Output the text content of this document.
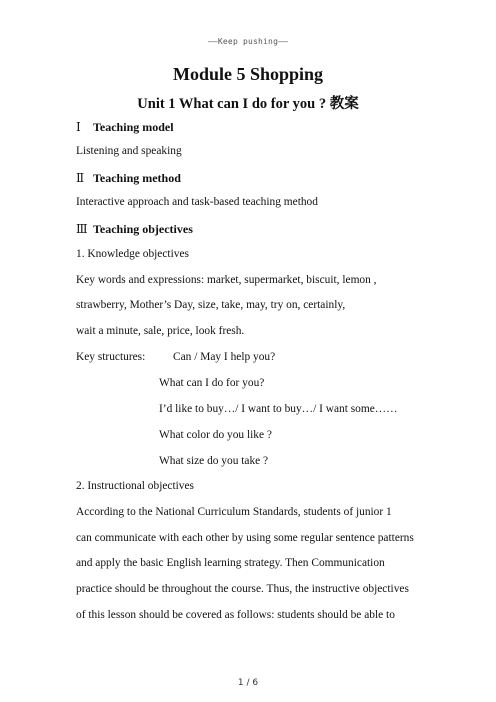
——Keep pushing——
Module 5 Shopping
Unit 1 What can I do for you ? 教案
Ⅰ Teaching model
Listening and speaking
Ⅱ Teaching method
Interactive approach and task-based teaching method
Ⅲ Teaching objectives
1. Knowledge objectives
Key words and expressions: market, supermarket, biscuit, lemon ,
strawberry, Mother’s Day, size, take, may, try on, certainly,
wait a minute, sale, price, look fresh.
Key structures: Can / May I help you?
What can I do for you?
I’d like to buy…/ I want to buy…/ I want some……
What color do you like ?
What size do you take ?
2. Instructional objectives
According to the National Curriculum Standards, students of junior 1
can communicate with each other by using some regular sentence patterns
and apply the basic English learning strategy. Then Communication
practice should be throughout the course. Thus, the instructive objectives
of this lesson should be covered as follows: students should be able to
1 / 6
